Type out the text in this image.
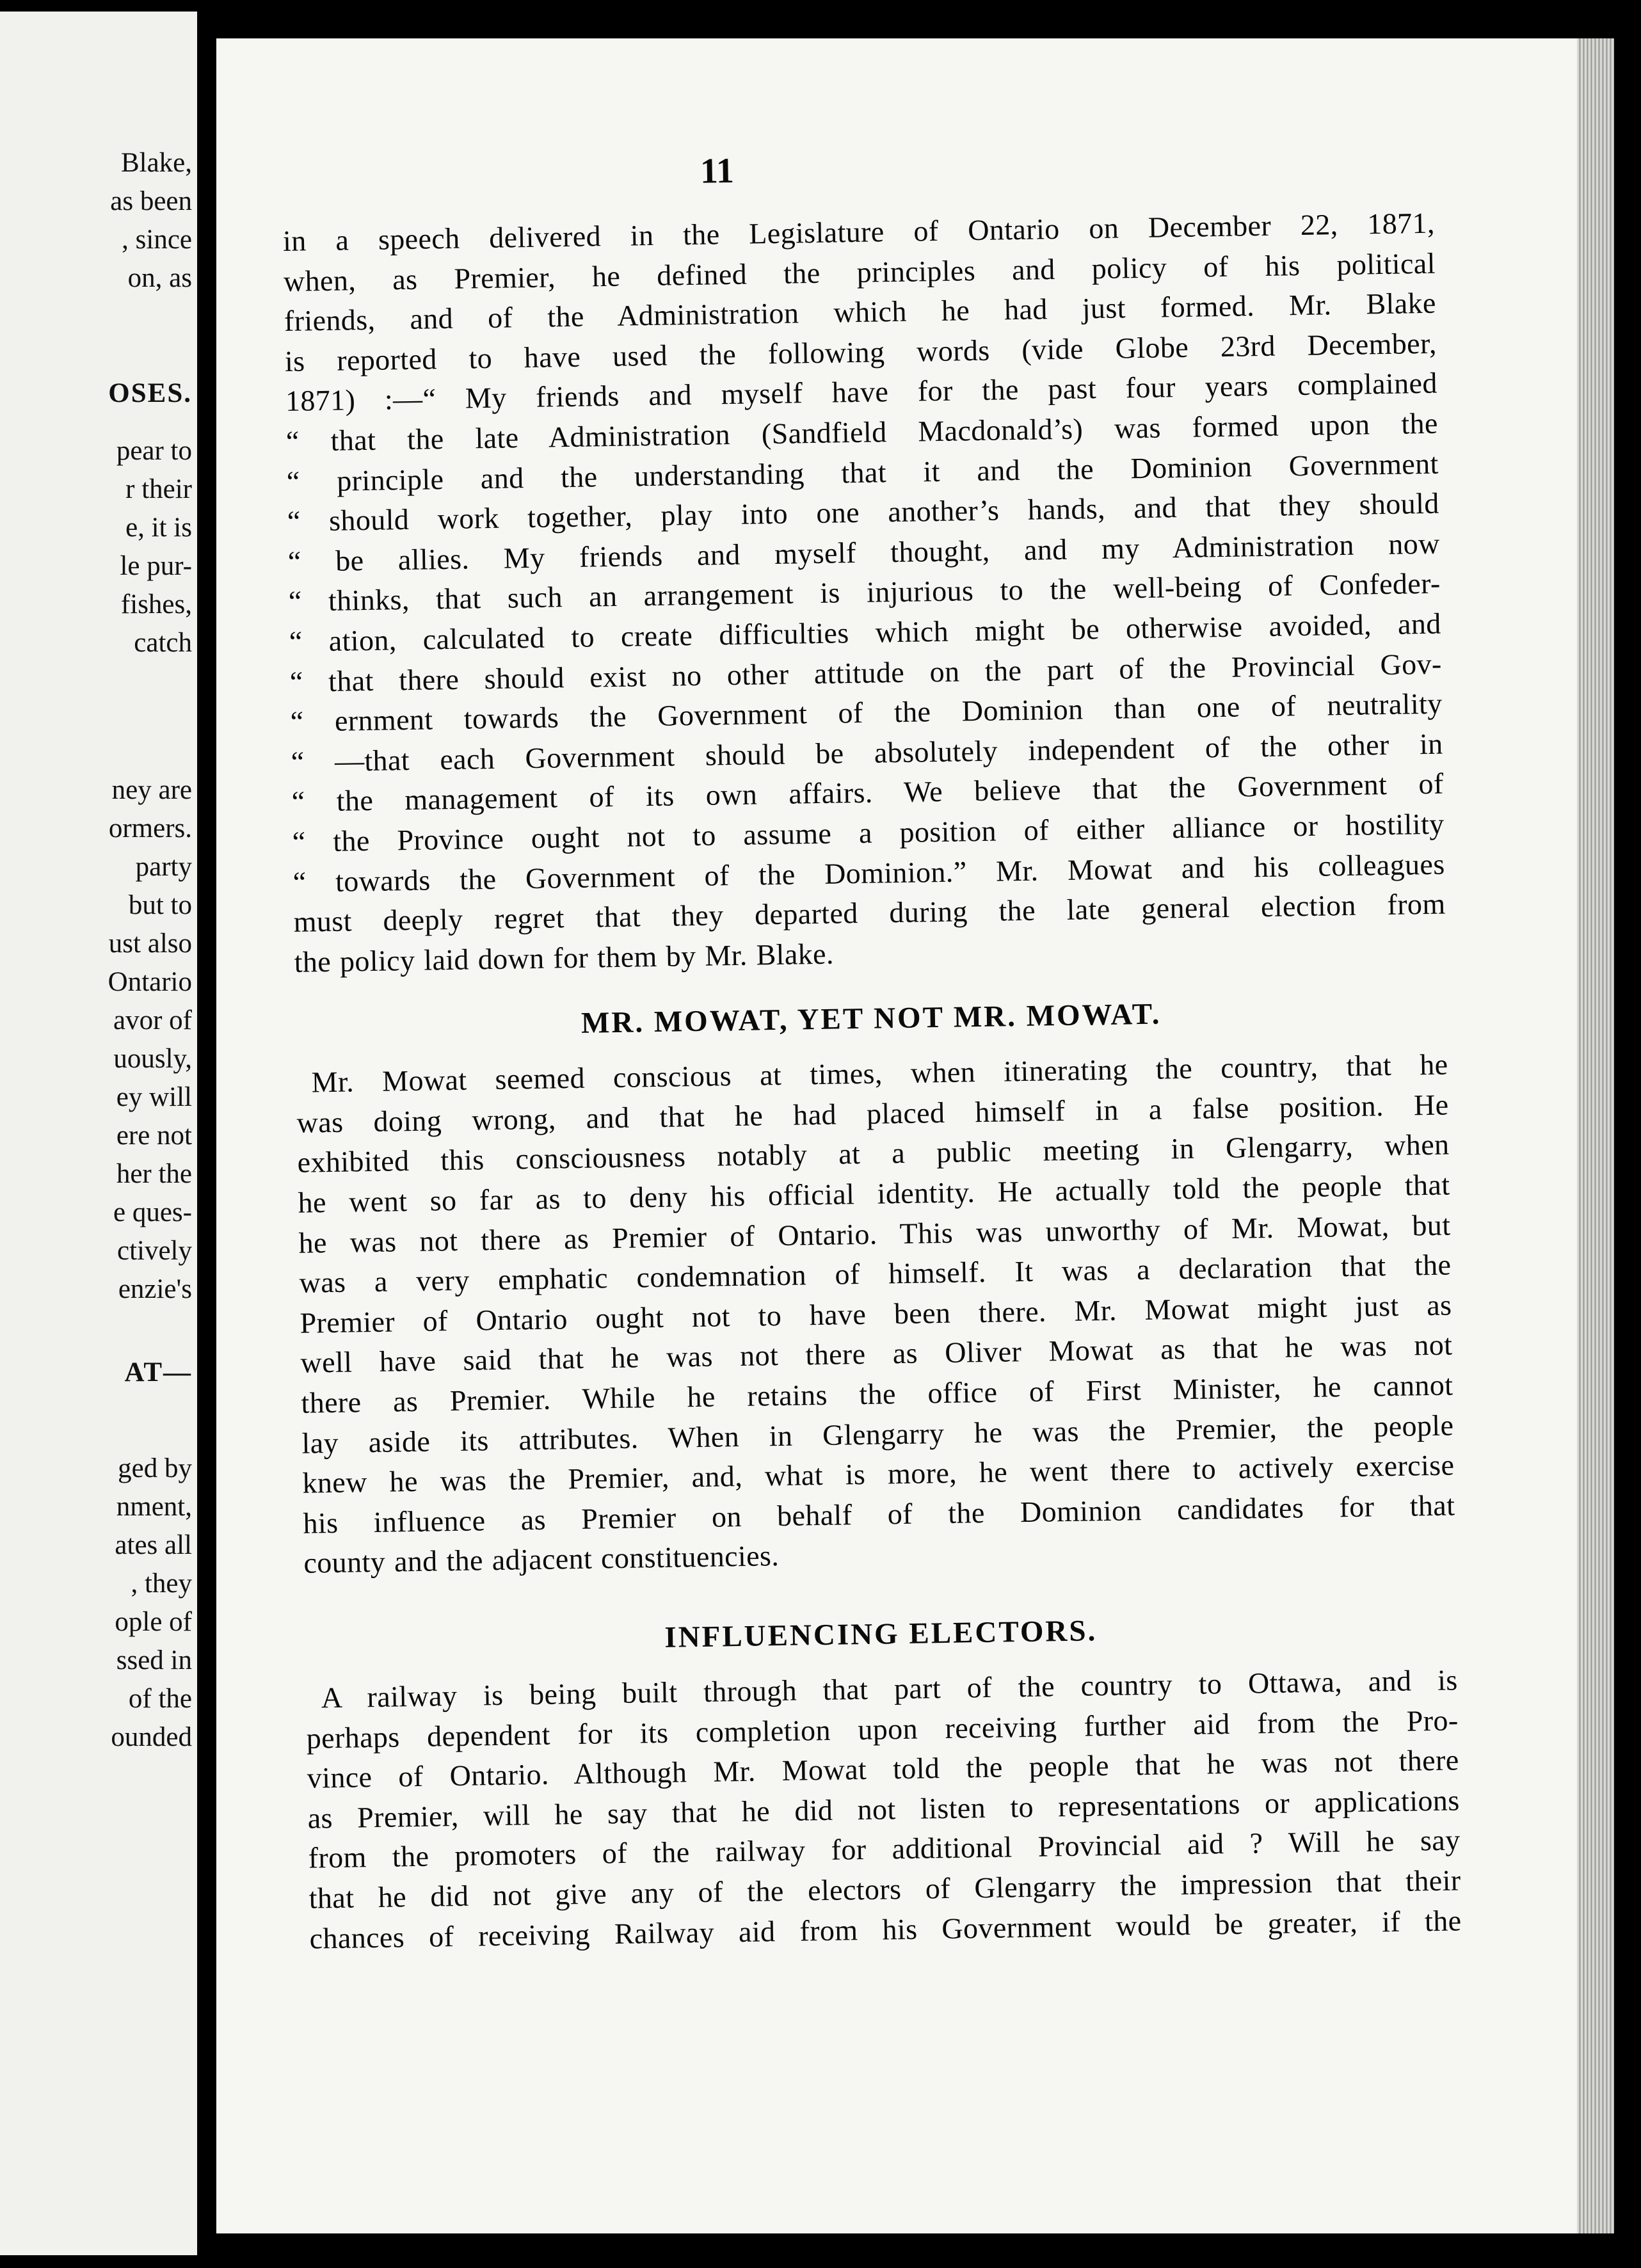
Blake,
as been
, since
on, as
OSES.
pear to
r their
e, it is
le pur-
fishes,
catch
ney are
ormers.
party
but to
ust also
Ontario
avor of
uously,
ey will
ere not
her the
e ques-
ctively
enzie's
AT—
ged by
nment,
ates all
, they
ople of
ssed in
of the
ounded
11

in a speech delivered in the Legislature of Ontario on December 22, 1871,

when, as Premier, he defined the principles and policy of his political

friends, and of the Administration which he had just formed. Mr. Blake

is reported to have used the following words (vide Globe 23rd December,

1871) :—“ My friends and myself have for the past four years complained

“ that the late Administration (Sandfield Macdonald’s) was formed upon the

“ principle and the understanding that it and the Dominion Government

“ should work together, play into one another’s hands, and that they should

“ be allies. My friends and myself thought, and my Administration now

“ thinks, that such an arrangement is injurious to the well-being of Confeder-

“ ation, calculated to create difficulties which might be otherwise avoided, and

“ that there should exist no other attitude on the part of the Provincial Gov-

“ ernment towards the Government of the Dominion than one of neutrality

“ —that each Government should be absolutely independent of the other in

“ the management of its own affairs. We believe that the Government of

“ the Province ought not to assume a position of either alliance or hostility

“ towards the Government of the Dominion.” Mr. Mowat and his colleagues

must deeply regret that they departed during the late general election from

the policy laid down for them by Mr. Blake.

MR. MOWAT, YET NOT MR. MOWAT.

Mr. Mowat seemed conscious at times, when itinerating the country, that he

was doing wrong, and that he had placed himself in a false position. He

exhibited this consciousness notably at a public meeting in Glengarry, when

he went so far as to deny his official identity. He actually told the people that

he was not there as Premier of Ontario. This was unworthy of Mr. Mowat, but

was a very emphatic condemnation of himself. It was a declaration that the

Premier of Ontario ought not to have been there. Mr. Mowat might just as

well have said that he was not there as Oliver Mowat as that he was not

there as Premier. While he retains the office of First Minister, he cannot

lay aside its attributes. When in Glengarry he was the Premier, the people

knew he was the Premier, and, what is more, he went there to actively exercise

his influence as Premier on behalf of the Dominion candidates for that

county and the adjacent constituencies.

INFLUENCING ELECTORS.

A railway is being built through that part of the country to Ottawa, and is

perhaps dependent for its completion upon receiving further aid from the Pro-

vince of Ontario. Although Mr. Mowat told the people that he was not there

as Premier, will he say that he did not listen to representations or applications

from the promoters of the railway for additional Provincial aid ? Will he say

that he did not give any of the electors of Glengarry the impression that their

chances of receiving Railway aid from his Government would be greater, if the
